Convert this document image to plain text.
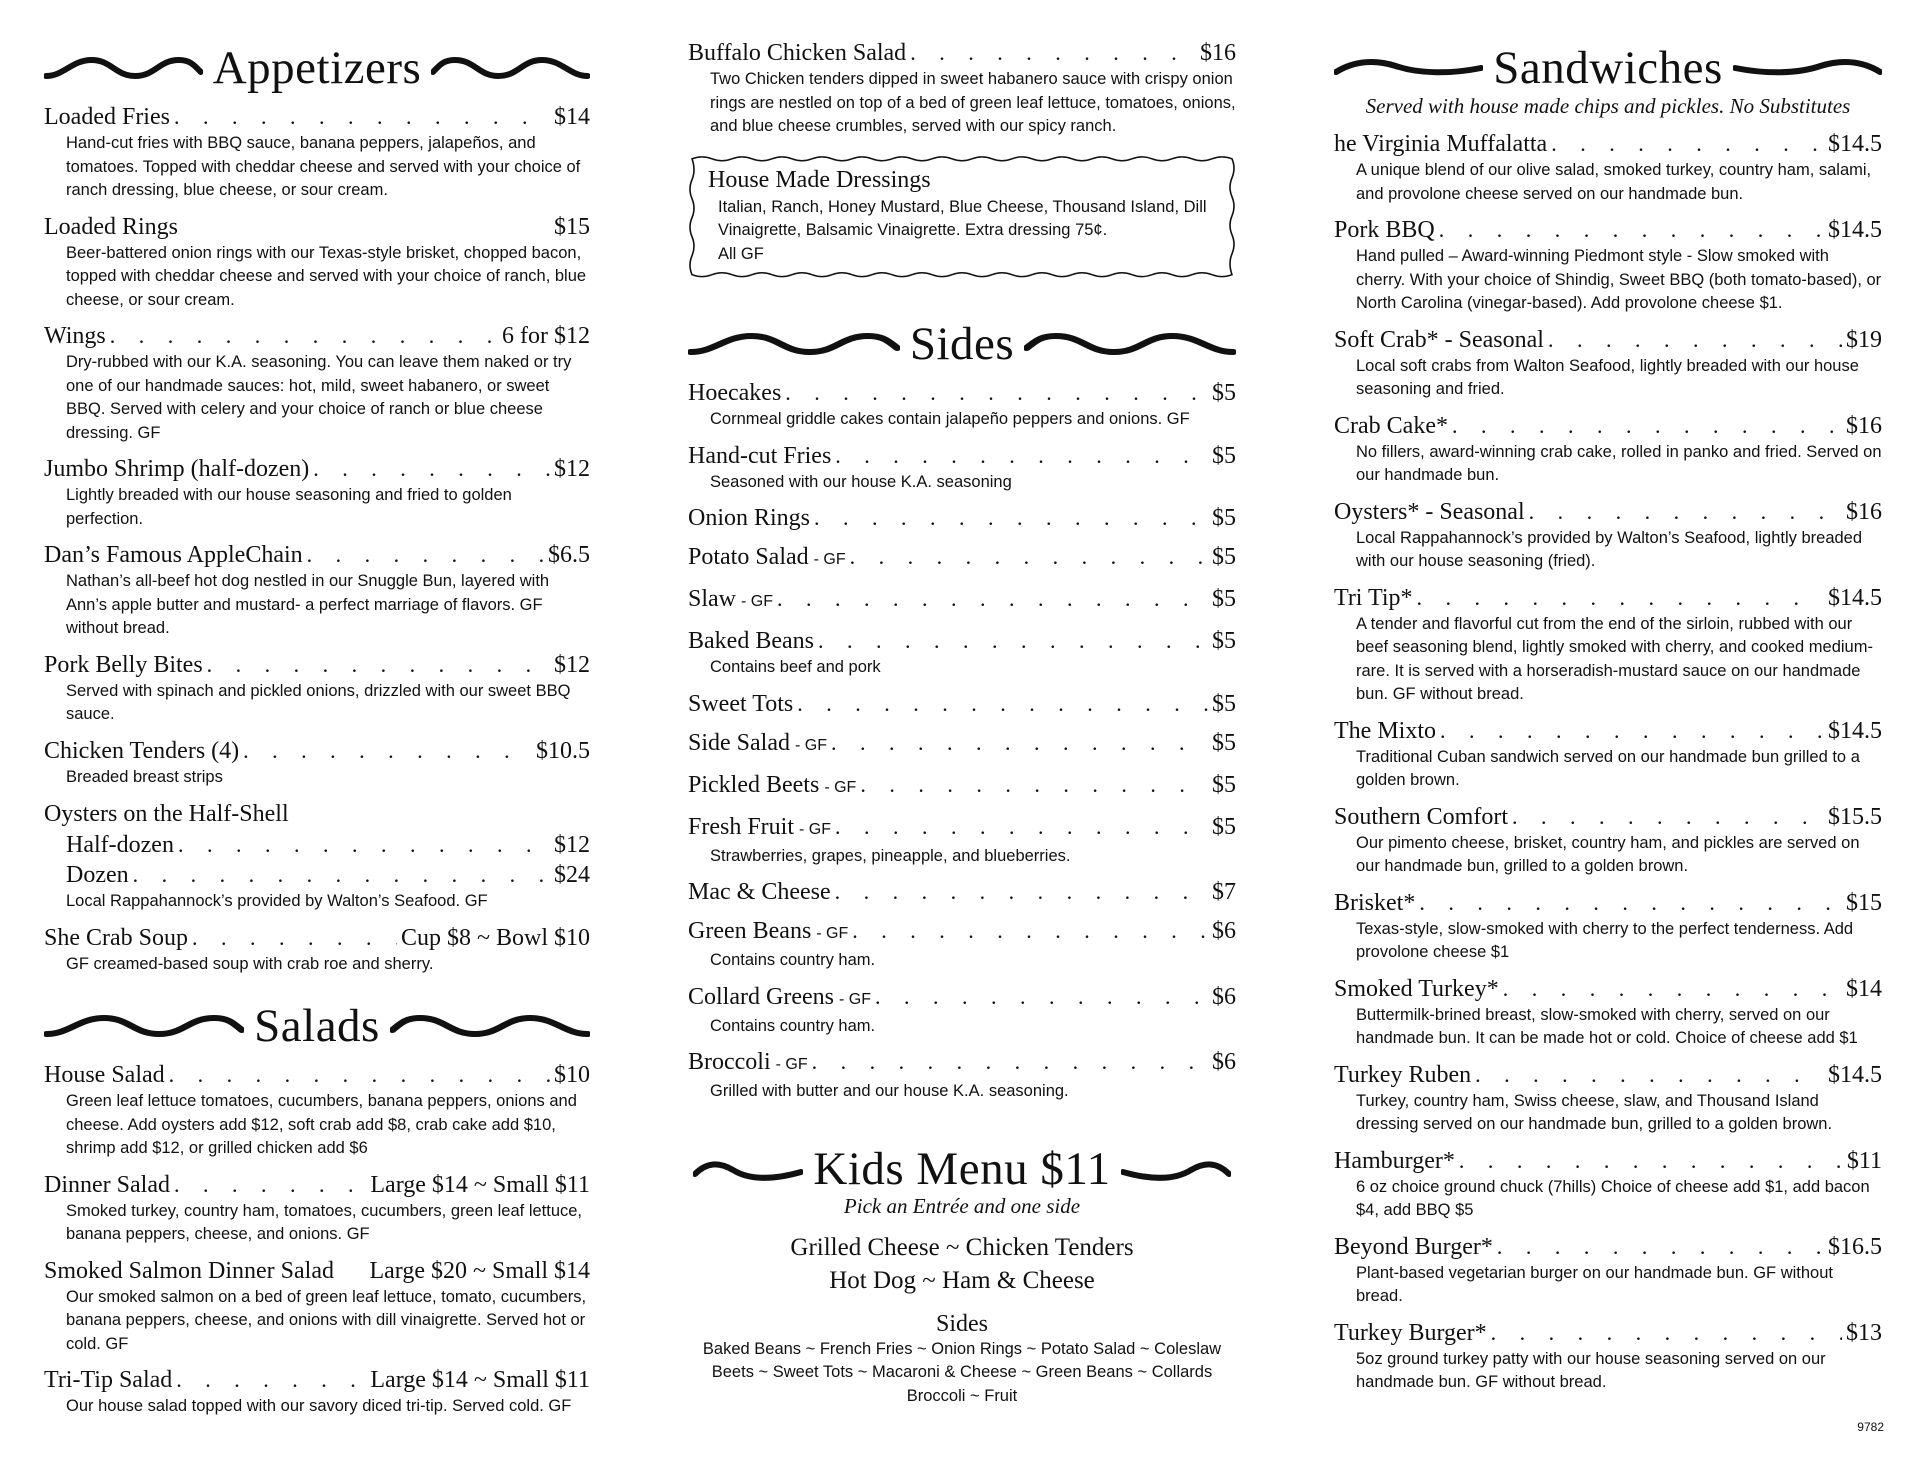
Appetizers
Loaded Fries . . .	$14
Hand-cut fries with BBQ sauce, banana peppers, jalapeños, and tomatoes. Topped with cheddar cheese and served with your choice of ranch dressing, blue cheese, or sour cream.
Loaded Rings	$15
Beer-battered onion rings with our Texas-style brisket, chopped bacon, topped with cheddar cheese and served with your choice of ranch, blue cheese, or sour cream.
Wings . . .	6 for $12
Dry-rubbed with our K.A. seasoning. You can leave them naked or try one of our handmade sauces: hot, mild, sweet habanero, or sweet BBQ. Served with celery and your choice of ranch or blue cheese dressing. GF
Jumbo Shrimp (half-dozen) . . .	$12
Lightly breaded with our house seasoning and fried to golden perfection.
Dan’s Famous AppleChain . . .	$6.5
Nathan’s all-beef hot dog nestled in our Snuggle Bun, layered with Ann’s apple butter and mustard- a perfect marriage of flavors. GF without bread.
Pork Belly Bites . . .	$12
Served with spinach and pickled onions, drizzled with our sweet BBQ sauce.
Chicken Tenders (4) . . .	$10.5
Breaded breast strips
Oysters on the Half-Shell
Half-dozen . . .	$12
Dozen . . .	$24
Local Rappahannock’s provided by Walton’s Seafood. GF
She Crab Soup . . .	Cup $8 ~ Bowl $10
GF creamed-based soup with crab roe and sherry.
Salads
House Salad . . .	$10
Green leaf lettuce tomatoes, cucumbers, banana peppers, onions and cheese. Add oysters add $12, soft crab add $8, crab cake add $10, shrimp add $12, or grilled chicken add $6
Dinner Salad . . .	Large $14 ~ Small $11
Smoked turkey, country ham, tomatoes, cucumbers, green leaf lettuce, banana peppers, cheese, and onions. GF
Smoked Salmon Dinner Salad Large $20 ~ Small $14
Our smoked salmon on a bed of green leaf lettuce, tomato, cucumbers, banana peppers, cheese, and onions with dill vinaigrette. Served hot or cold. GF
Tri-Tip Salad . . .	Large $14 ~ Small $11
Our house salad topped with our savory diced tri-tip. Served cold. GF
Buffalo Chicken Salad . . .	$16
Two Chicken tenders dipped in sweet habanero sauce with crispy onion rings are nestled on top of a bed of green leaf lettuce, tomatoes, onions, and blue cheese crumbles, served with our spicy ranch.
House Made Dressings

Italian, Ranch, Honey Mustard, Blue Cheese, Thousand Island, Dill Vinaigrette, Balsamic Vinaigrette. Extra dressing 75¢.

All GF

Sides
Hoecakes . . .	$5
Cornmeal griddle cakes contain jalapeño peppers and onions. GF
Hand-cut Fries . . .	$5
Seasoned with our house K.A. seasoning
Onion Rings . . .	$5
Potato Salad - GF . . .	$5
Slaw - GF . . .	$5
Baked Beans . . .	$5
Contains beef and pork
Sweet Tots . . .	$5
Side Salad - GF . . .	$5
Pickled Beets - GF . . .	$5
Fresh Fruit - GF . . .	$5
Strawberries, grapes, pineapple, and blueberries.
Mac & Cheese . . .	$7
Green Beans - GF . . .	$6
Contains country ham.
Collard Greens - GF . . .	$6
Contains country ham.
Broccoli - GF . . .	$6
Grilled with butter and our house K.A. seasoning.
Kids Menu $11
Pick an Entrée and one side
Grilled Cheese ~ Chicken Tenders
Hot Dog ~ Ham & Cheese
Sides
Baked Beans ~ French Fries ~ Onion Rings ~ Potato Salad ~ Coleslaw Beets ~ Sweet Tots ~ Macaroni & Cheese ~ Green Beans ~ Collards Broccoli ~ Fruit
Sandwiches
Served with house made chips and pickles. No Substitutes
he Virginia Muffalatta . . .	$14.5
A unique blend of our olive salad, smoked turkey, country ham, salami, and provolone cheese served on our handmade bun.
Pork BBQ . . .	$14.5
Hand pulled – Award-winning Piedmont style - Slow smoked with cherry. With your choice of Shindig, Sweet BBQ (both tomato-based), or North Carolina (vinegar-based). Add provolone cheese $1.
Soft Crab* - Seasonal . . .	$19
Local soft crabs from Walton Seafood, lightly breaded with our house seasoning and fried.
Crab Cake* . . .	$16
No fillers, award-winning crab cake, rolled in panko and fried. Served on our handmade bun.
Oysters* - Seasonal . . .	$16
Local Rappahannock’s provided by Walton’s Seafood, lightly breaded with our house seasoning (fried).
Tri Tip* . . .	$14.5
A tender and flavorful cut from the end of the sirloin, rubbed with our beef seasoning blend, lightly smoked with cherry, and cooked medium-rare. It is served with a horseradish-mustard sauce on our handmade bun. GF without bread.
The Mixto . . .	$14.5
Traditional Cuban sandwich served on our handmade bun grilled to a golden brown.
Southern Comfort . . .	$15.5
Our pimento cheese, brisket, country ham, and pickles are served on our handmade bun, grilled to a golden brown.
Brisket* . . .	$15
Texas-style, slow-smoked with cherry to the perfect tenderness. Add provolone cheese $1
Smoked Turkey* . . .	$14
Buttermilk-brined breast, slow-smoked with cherry, served on our handmade bun. It can be made hot or cold. Choice of cheese add $1
Turkey Ruben . . .	$14.5
Turkey, country ham, Swiss cheese, slaw, and Thousand Island dressing served on our handmade bun, grilled to a golden brown.
Hamburger* . . .	$11
6 oz choice ground chuck (7hills) Choice of cheese add $1, add bacon $4, add BBQ $5
Beyond Burger* . . .	$16.5
Plant-based vegetarian burger on our handmade bun. GF without bread.
Turkey Burger* . . .	$13
5oz ground turkey patty with our house seasoning served on our handmade bun. GF without bread.
9782
